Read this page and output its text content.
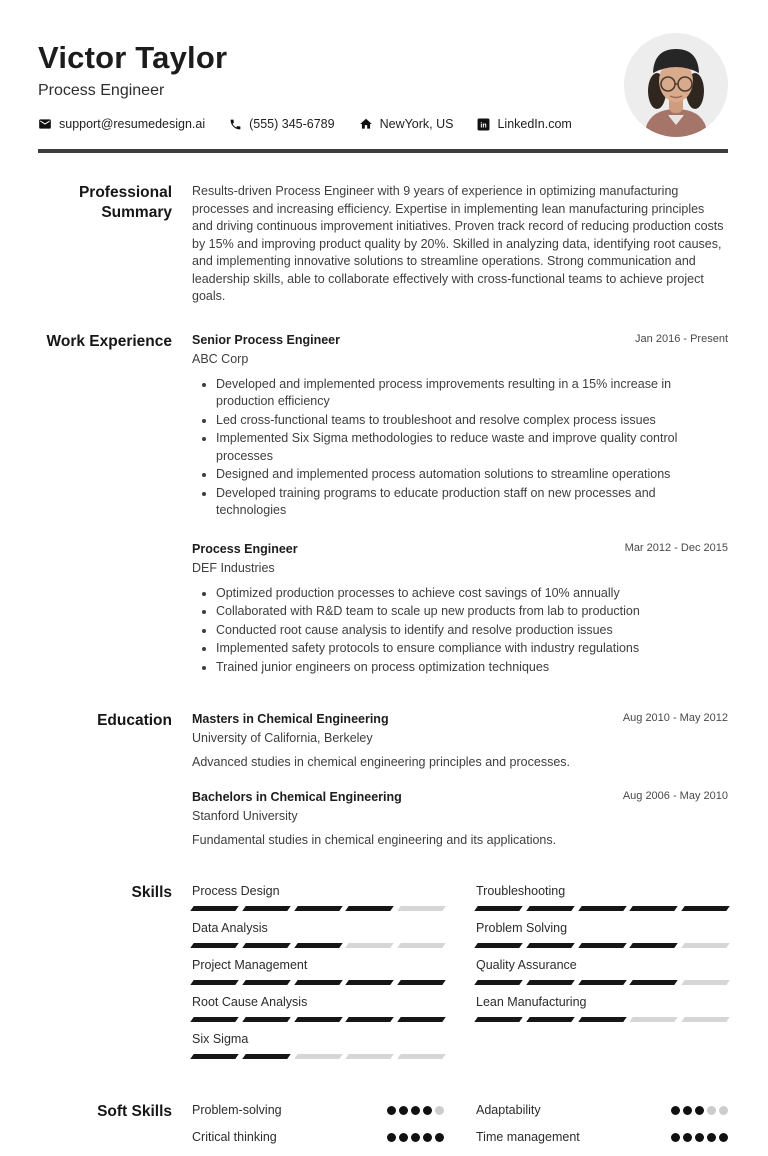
Victor Taylor
Process Engineer
support@resumedesign.ai	(555) 345-6789	NewYork, US in LinkedIn.com
Professional Summary
Results-driven Process Engineer with 9 years of experience in optimizing manufacturing processes and increasing efficiency. Expertise in implementing lean manufacturing principles and driving continuous improvement initiatives. Proven track record of reducing production costs by 15% and improving product quality by 20%. Skilled in analyzing data, identifying root causes, and implementing innovative solutions to streamline operations. Strong communication and leadership skills, able to collaborate effectively with cross-functional teams to achieve project goals.
Work Experience Senior Process Engineer
ABC Corp
Jan 2016 - Present
• Developed and implemented process improvements resulting in a 15% increase in production efficiency
• Led cross-functional teams to troubleshoot and resolve complex process issues
• Implemented Six Sigma methodologies to reduce waste and improve quality control processes
• Designed and implemented process automation solutions to streamline operations
• Developed training programs to educate production staff on new processes and technologies
Process Engineer
DEF Industries
Mar 2012 - Dec 2015
• Optimized production processes to achieve cost savings of 10% annually
• Collaborated with R&D team to scale up new products from lab to production
• Conducted root cause analysis to identify and resolve production issues
• Implemented safety protocols to ensure compliance with industry regulations
• Trained junior engineers on process optimization techniques
Education Masters in Chemical Engineering
University of California, Berkeley
Aug 2010 - May 2012
Advanced studies in chemical engineering principles and processes.
Bachelors in Chemical Engineering
Stanford University
Aug 2006 - May 2010
Fundamental studies in chemical engineering and its applications.
Skills Process Design
Data Analysis
Project Management
Root Cause Analysis
Six Sigma
Troubleshooting
Problem Solving
Quality Assurance
Lean Manufacturing
Soft Skills Problem-solving
Critical thinking
Adaptability
Time management
